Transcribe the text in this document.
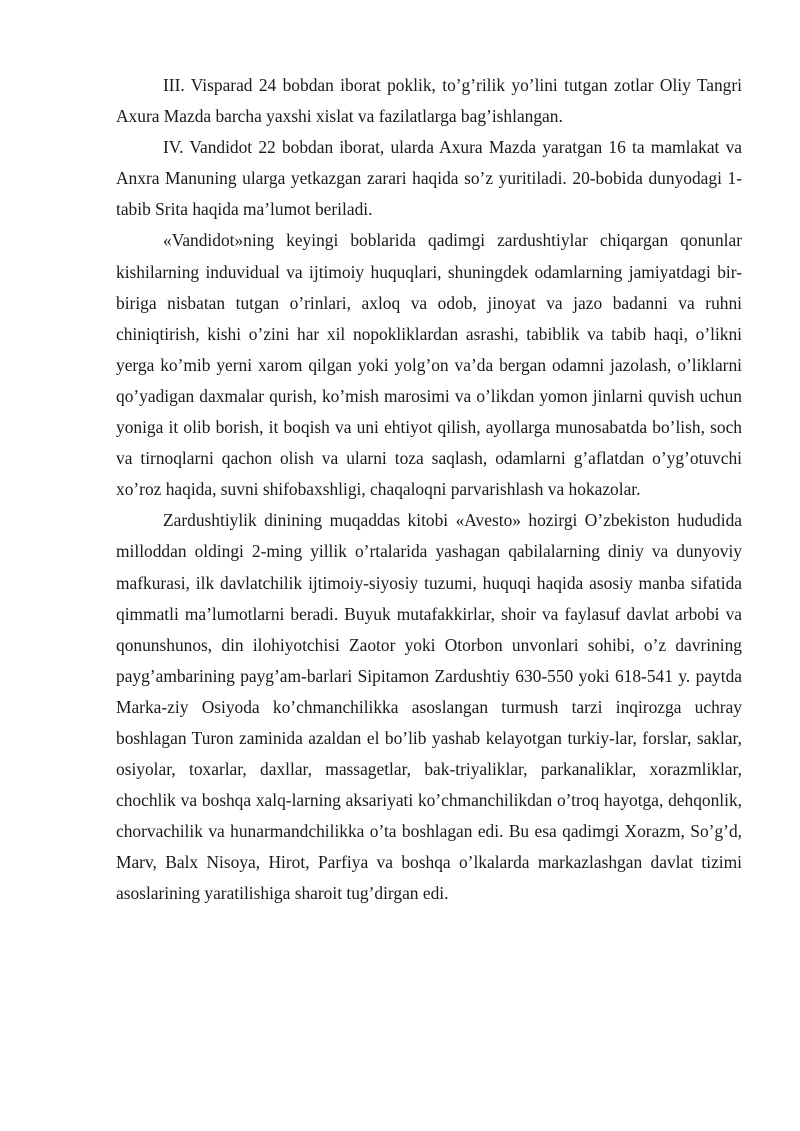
III. Visparad 24 bobdan iborat poklik, to’g’rilik yo’lini tutgan zotlar Oliy Tangri Axura Mazda barcha yaxshi xislat va fazilatlarga bag’ishlangan.

IV. Vandidot 22 bobdan iborat, ularda Axura Mazda yaratgan 16 ta mamlakat va Anxra Manuning ularga yetkazgan zarari haqida so’z yuritiladi. 20-bobida dunyodagi 1-tabib Srita haqida ma’lumot beriladi.

«Vandidot»ning keyingi boblarida qadimgi zardushtiylar chiqargan qonunlar kishilarning induvidual va ijtimoiy huquqlari, shuningdek odamlarning jamiyatdagi bir-biriga nisbatan tutgan o’rinlari, axloq va odob, jinoyat va jazo badanni va ruhni chiniqtirish, kishi o’zini har xil nopokliklardan asrashi, tabiblik va tabib haqi, o’likni yerga ko’mib yerni xarom qilgan yoki yolg’on va’da bergan odamni jazolash, o’liklarni qo’yadigan daxmalar qurish, ko’mish marosimi va o’likdan yomon jinlarni quvish uchun yoniga it olib borish, it boqish va uni ehtiyot qilish, ayollarga munosabatda bo’lish, soch va tirnoqlarni qachon olish va ularni toza saqlash, odamlarni g’aflatdan o’yg’otuvchi xo’roz haqida, suvni shifobaxshligi, chaqaloqni parvarishlash va hokazolar.

Zardushtiylik dinining muqaddas kitobi «Avesto» hozirgi O’zbekiston hududida milloddan oldingi 2-ming yillik o’rtalarida yashagan qabilalarning diniy va dunyoviy mafkurasi, ilk davlatchilik ijtimoiy-siyosiy tuzumi, huquqi haqida asosiy manba sifatida qimmatli ma’lumotlarni beradi. Buyuk mutafakkirlar, shoir va faylasuf davlat arbobi va qonunshunos, din ilohiyotchisi Zaotor yoki Otorbon unvonlari sohibi, o’z davrining payg’ambarining payg’am-barlari Sipitamon Zardushtiy 630-550 yoki 618-541 y. paytda Marka-ziy Osiyoda ko’chmanchilikka asoslangan turmush tarzi inqirozga uchray boshlagan Turon zaminida azaldan el bo’lib yashab kelayotgan turkiy-lar, forslar, saklar, osiyolar, toxarlar, daxllar, massagetlar, bak-triyaliklar, parkanaliklar, xorazmliklar, chochlik va boshqa xalq-larning aksariyati ko’chmanchilikdan o’troq hayotga, dehqonlik, chorvachilik va hunarmandchilikka o’ta boshlagan edi. Bu esa qadimgi Xorazm, So’g’d, Marv, Balx Nisoya, Hirot, Parfiya va boshqa o’lkalarda markazlashgan davlat tizimi asoslarining yaratilishiga sharoit tug’dirgan edi.
